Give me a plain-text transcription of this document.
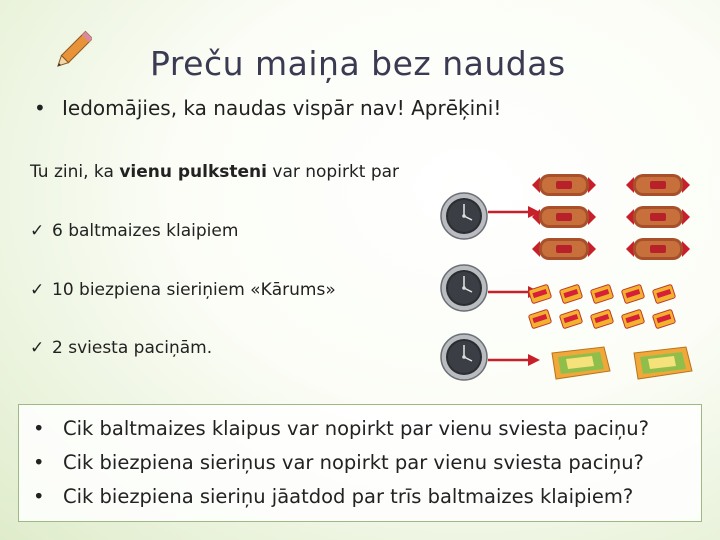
Preču maiņa bez naudas
• Iedomājies, ka naudas vispār nav! Aprēķini!
Tu zini, ka vienu pulksteni var nopirkt par
✓ 6 baltmaizes klaipiem
✓ 10 biezpiena sieriņiem «Kārums»
✓ 2 sviesta paciņām.
• Cik baltmaizes klaipus var nopirkt par vienu sviesta paciņu?
• Cik biezpiena sieriņus var nopirkt par vienu sviesta paciņu?
• Cik biezpiena sieriņu jāatdod par trīs baltmaizes klaipiem?
